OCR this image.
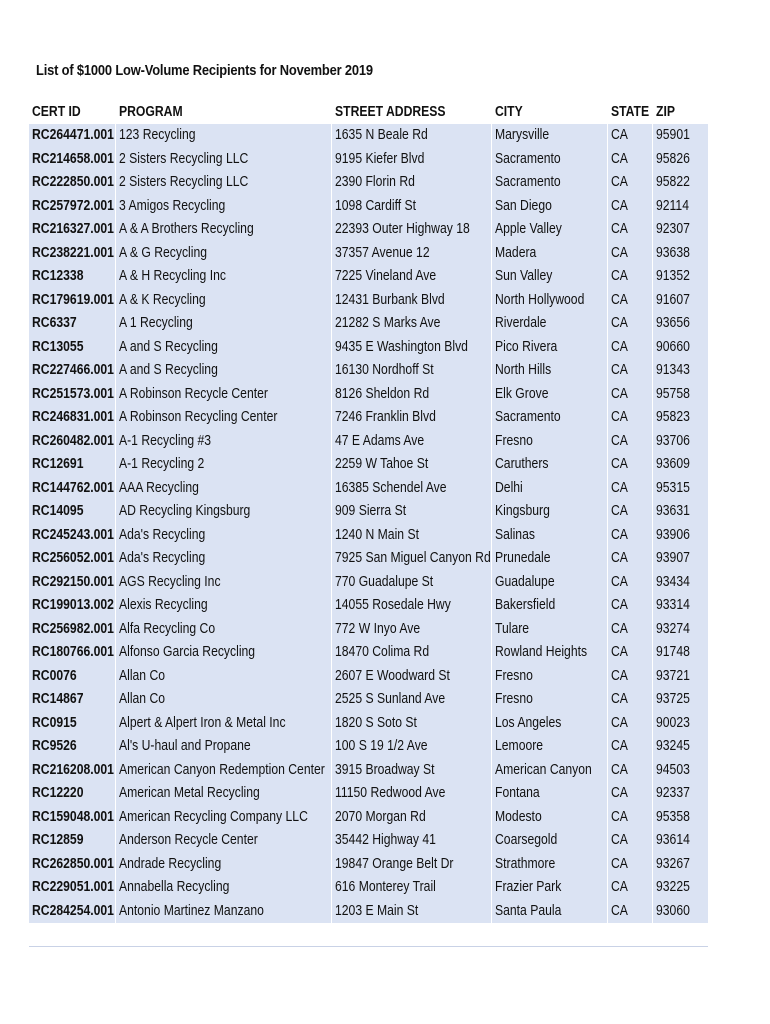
List of $1000 Low-Volume Recipients for November 2019
CERT ID	PROGRAM	STREET ADDRESS	CITY	STATE	ZIP
RC264471.001	123 Recycling	1635 N Beale Rd	Marysville	CA	95901
RC214658.001	2 Sisters Recycling LLC	9195 Kiefer Blvd	Sacramento	CA	95826
RC222850.001	2 Sisters Recycling LLC	2390 Florin Rd	Sacramento	CA	95822
RC257972.001	3 Amigos Recycling	1098 Cardiff St	San Diego	CA	92114
RC216327.001	A & A Brothers Recycling	22393 Outer Highway 18	Apple Valley	CA	92307
RC238221.001	A & G Recycling	37357 Avenue 12	Madera	CA	93638
RC12338	A & H Recycling Inc	7225 Vineland Ave	Sun Valley	CA	91352
RC179619.001	A & K Recycling	12431 Burbank Blvd	North Hollywood	CA	91607
RC6337	A 1 Recycling	21282 S Marks Ave	Riverdale	CA	93656
RC13055	A and S Recycling	9435 E Washington Blvd	Pico Rivera	CA	90660
RC227466.001	A and S Recycling	16130 Nordhoff St	North Hills	CA	91343
RC251573.001	A Robinson Recycle Center	8126 Sheldon Rd	Elk Grove	CA	95758
RC246831.001	A Robinson Recycling Center	7246 Franklin Blvd	Sacramento	CA	95823
RC260482.001	A-1 Recycling #3	47 E Adams Ave	Fresno	CA	93706
RC12691	A-1 Recycling 2	2259 W Tahoe St	Caruthers	CA	93609
RC144762.001	AAA Recycling	16385 Schendel Ave	Delhi	CA	95315
RC14095	AD Recycling Kingsburg	909 Sierra St	Kingsburg	CA	93631
RC245243.001	Ada's Recycling	1240 N Main St	Salinas	CA	93906
RC256052.001	Ada's Recycling	7925 San Miguel Canyon Rd	Prunedale	CA	93907
RC292150.001	AGS Recycling Inc	770 Guadalupe St	Guadalupe	CA	93434
RC199013.002	Alexis Recycling	14055 Rosedale Hwy	Bakersfield	CA	93314
RC256982.001	Alfa Recycling Co	772 W Inyo Ave	Tulare	CA	93274
RC180766.001	Alfonso Garcia Recycling	18470 Colima Rd	Rowland Heights	CA	91748
RC0076	Allan Co	2607 E Woodward St	Fresno	CA	93721
RC14867	Allan Co	2525 S Sunland Ave	Fresno	CA	93725
RC0915	Alpert & Alpert Iron & Metal Inc	1820 S Soto St	Los Angeles	CA	90023
RC9526	Al's U-haul and Propane	100 S 19 1/2 Ave	Lemoore	CA	93245
RC216208.001	American Canyon Redemption Center	3915 Broadway St	American Canyon	CA	94503
RC12220	American Metal Recycling	11150 Redwood Ave	Fontana	CA	92337
RC159048.001	American Recycling Company LLC	2070 Morgan Rd	Modesto	CA	95358
RC12859	Anderson Recycle Center	35442 Highway 41	Coarsegold	CA	93614
RC262850.001	Andrade Recycling	19847 Orange Belt Dr	Strathmore	CA	93267
RC229051.001	Annabella Recycling	616 Monterey Trail	Frazier Park	CA	93225
RC284254.001	Antonio Martinez Manzano	1203 E Main St	Santa Paula	CA	93060
